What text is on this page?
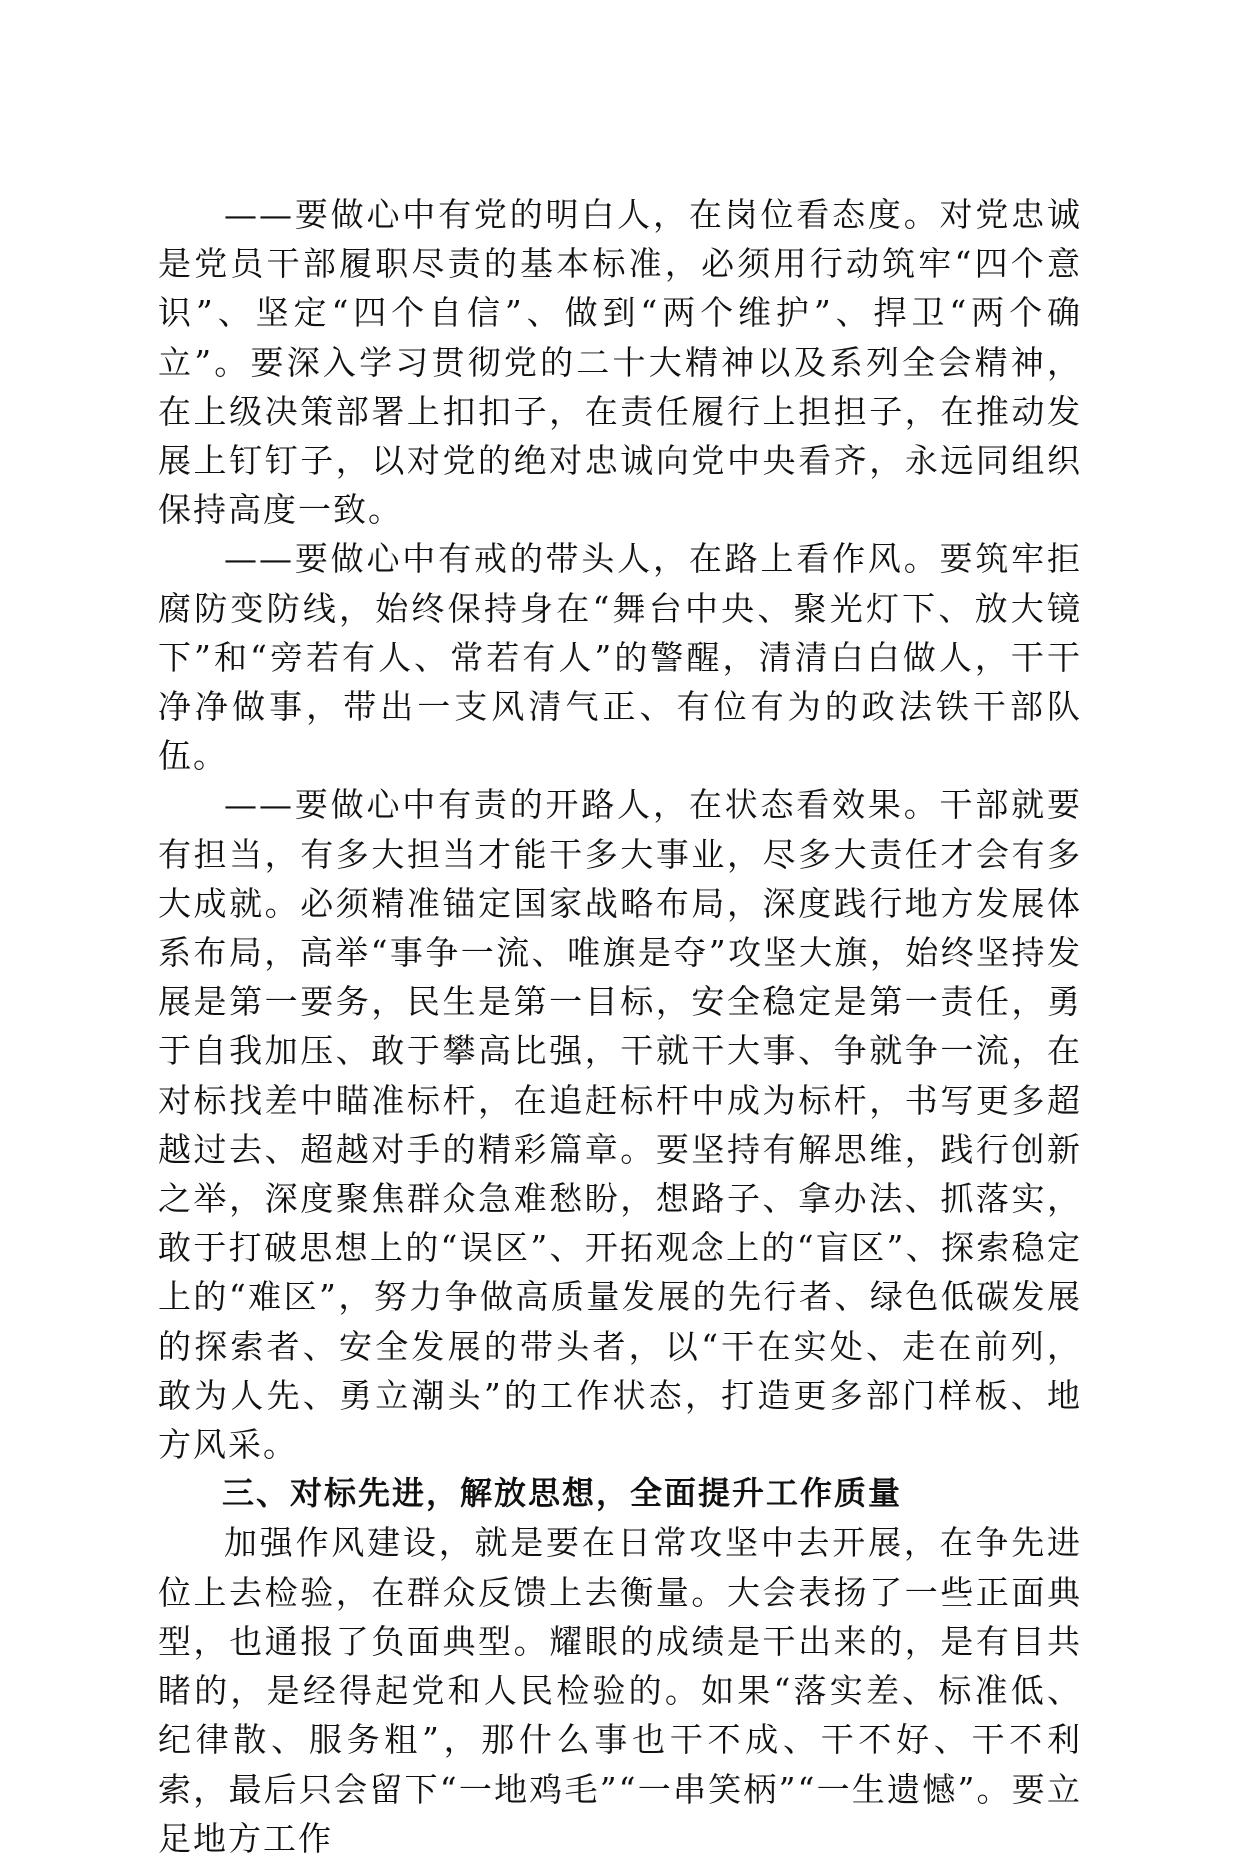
——要做心中有党的明白人，在岗位看态度。对党忠诚是党员干部履职尽责的基本标准，必须用行动筑牢“四个意识”、坚定“四个自信”、做到“两个维护”、捍卫“两个确立”。要深入学习贯彻党的二十大精神以及系列全会精神，在上级决策部署上扣扣子，在责任履行上担担子，在推动发展上钉钉子，以对党的绝对忠诚向党中央看齐，永远同组织保持高度一致。

——要做心中有戒的带头人，在路上看作风。要筑牢拒腐防变防线，始终保持身在“舞台中央、聚光灯下、放大镜下”和“旁若有人、常若有人”的警醒，清清白白做人，干干净净做事，带出一支风清气正、有位有为的政法铁干部队伍。

——要做心中有责的开路人，在状态看效果。干部就要有担当，有多大担当才能干多大事业，尽多大责任才会有多大成就。必须精准锚定国家战略布局，深度践行地方发展体系布局，高举“事争一流、唯旗是夺”攻坚大旗，始终坚持发展是第一要务，民生是第一目标，安全稳定是第一责任，勇于自我加压、敢于攀高比强，干就干大事、争就争一流，在对标找差中瞄准标杆，在追赶标杆中成为标杆，书写更多超越过去、超越对手的精彩篇章。要坚持有解思维，践行创新之举，深度聚焦群众急难愁盼，想路子、拿办法、抓落实，敢于打破思想上的“误区”、开拓观念上的“盲区”、探索稳定上的“难区”，努力争做高质量发展的先行者、绿色低碳发展的探索者、安全发展的带头者，以“干在实处、走在前列，敢为人先、勇立潮头”的工作状态，打造更多部门样板、地方风采。

三、对标先进，解放思想，全面提升工作质量

加强作风建设，就是要在日常攻坚中去开展，在争先进位上去检验，在群众反馈上去衡量。大会表扬了一些正面典型，也通报了负面典型。耀眼的成绩是干出来的，是有目共睹的，是经得起党和人民检验的。如果“落实差、标准低、纪律散、服务粗”，那什么事也干不成、干不好、干不利索，最后只会留下“一地鸡毛”“一串笑柄”“一生遗憾”。要立足地方工作
